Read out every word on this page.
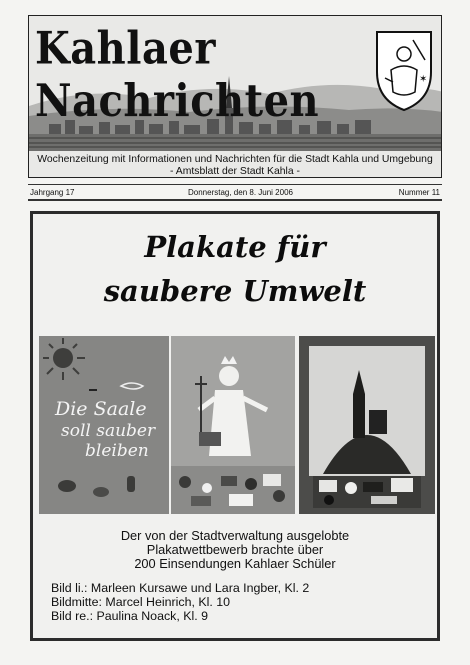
Kahlaer Nachrichten	✶
Wochenzeitung mit Informationen und Nachrichten für die Stadt Kahla und Umgebung
- Amtsblatt der Stadt Kahla -
Jahrgang 17	Donnerstag, den 8. Juni 2006	Nummer 11
Plakate für
saubere Umwelt
Die Saale
soll sauber
bleiben
Der von der Stadtverwaltung ausgelobte
Plakatwettbewerb brachte über
200 Einsendungen Kahlaer Schüler
Bild li.: Marleen Kursawe und Lara Ingber, Kl. 2
Bildmitte: Marcel Heinrich, Kl. 10
Bild re.: Paulina Noack, Kl. 9
